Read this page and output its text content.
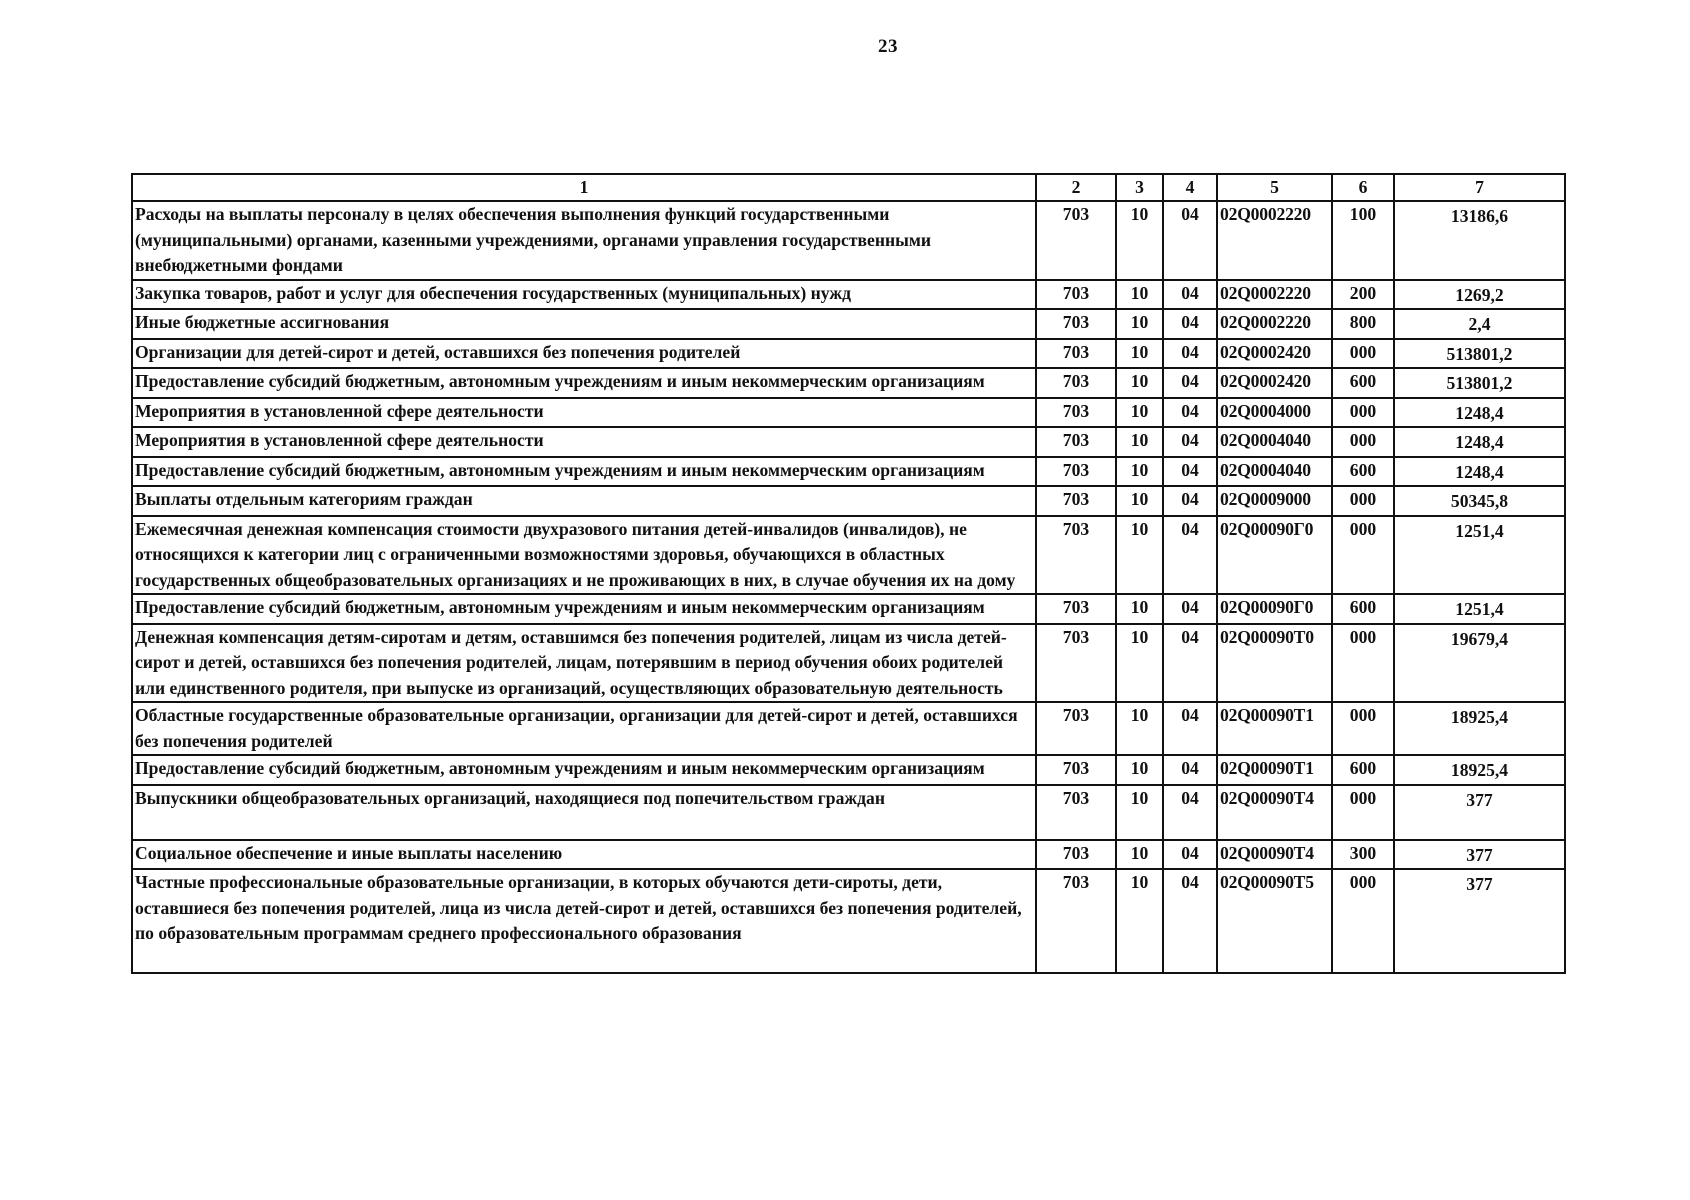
23
1	2	3	4	5	6	7
Расходы на выплаты персоналу в целях обеспечения выполнения функций государственными (муниципальными) органами, казенными учреждениями, органами управления государственными внебюджетными фондами	703	10	04	02Q0002220	100	13186,6
Закупка товаров, работ и услуг для обеспечения государственных (муниципальных) нужд	703	10	04	02Q0002220	200	1269,2
Иные бюджетные ассигнования	703	10	04	02Q0002220	800	2,4
Организации для детей-сирот и детей, оставшихся без попечения родителей	703	10	04	02Q0002420	000	513801,2
Предоставление субсидий бюджетным, автономным учреждениям и иным некоммерческим организациям	703	10	04	02Q0002420	600	513801,2
Мероприятия в установленной сфере деятельности	703	10	04	02Q0004000	000	1248,4
Мероприятия в установленной сфере деятельности	703	10	04	02Q0004040	000	1248,4
Предоставление субсидий бюджетным, автономным учреждениям и иным некоммерческим организациям	703	10	04	02Q0004040	600	1248,4
Выплаты отдельным категориям граждан	703	10	04	02Q0009000	000	50345,8
Ежемесячная денежная компенсация стоимости двухразового питания детей-инвалидов (инвалидов), не относящихся к категории лиц с ограниченными возможностями здоровья, обучающихся в областных государственных общеобразовательных организациях и не проживающих в них, в случае обучения их на дому	703	10	04	02Q00090Г0	000	1251,4
Предоставление субсидий бюджетным, автономным учреждениям и иным некоммерческим организациям	703	10	04	02Q00090Г0	600	1251,4
Денежная компенсация детям-сиротам и детям, оставшимся без попечения родителей, лицам из числа детей-сирот и детей, оставшихся без попечения родителей, лицам, потерявшим в период обучения обоих родителей или единственного родителя, при выпуске из организаций, осуществляющих образовательную деятельность	703	10	04	02Q00090Т0	000	19679,4
Областные государственные образовательные организации, организации для детей-сирот и детей, оставшихся без попечения родителей	703	10	04	02Q00090Т1	000	18925,4
Предоставление субсидий бюджетным, автономным учреждениям и иным некоммерческим организациям	703	10	04	02Q00090Т1	600	18925,4
Выпускники общеобразовательных организаций, находящиеся под попечительством граждан	703	10	04	02Q00090Т4	000	377
Социальное обеспечение и иные выплаты населению	703	10	04	02Q00090Т4	300	377
Частные профессиональные образовательные организации, в которых обучаются дети-сироты, дети, оставшиеся без попечения родителей, лица из числа детей-сирот и детей, оставшихся без попечения родителей, по образовательным программам среднего профессионального образования	703	10	04	02Q00090Т5	000	377
